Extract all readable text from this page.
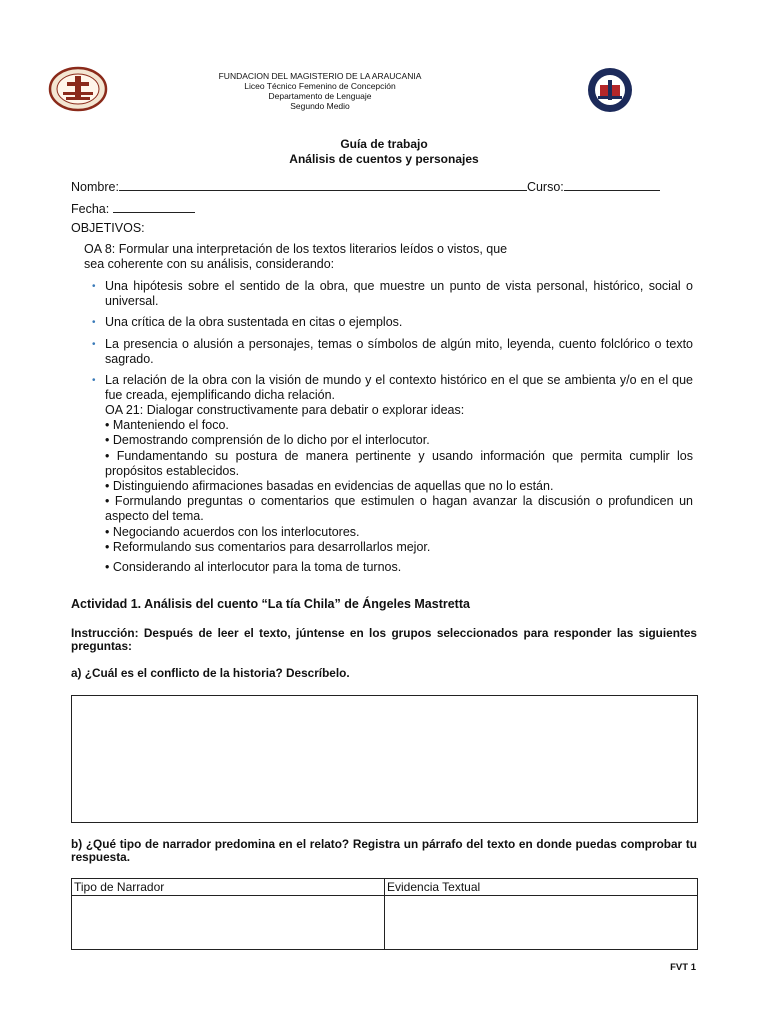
FUNDACION DEL MAGISTERIO DE LA ARAUCANIA
Liceo Técnico Femenino de Concepción
Departamento de Lenguaje
Segundo Medio
Guía de trabajo
Análisis de cuentos y personajes
Nombre:	Curso:
Fecha:
OBJETIVOS:
OA 8: Formular una interpretación de los textos literarios leídos o vistos, que
sea coherente con su análisis, considerando:
• Una hipótesis sobre el sentido de la obra, que muestre un punto de vista personal, histórico, social o universal.
• Una crítica de la obra sustentada en citas o ejemplos.
• La presencia o alusión a personajes, temas o símbolos de algún mito, leyenda, cuento folclórico o texto sagrado.
• La relación de la obra con la visión de mundo y el contexto histórico en el que se ambienta y/o en el que fue creada, ejemplificando dicha relación.
OA 21: Dialogar constructivamente para debatir o explorar ideas:
• Manteniendo el foco.
• Demostrando comprensión de lo dicho por el interlocutor.
• Fundamentando su postura de manera pertinente y usando información que permita cumplir los propósitos establecidos.
• Distinguiendo afirmaciones basadas en evidencias de aquellas que no lo están.
• Formulando preguntas o comentarios que estimulen o hagan avanzar la discusión o profundicen un aspecto del tema.
• Negociando acuerdos con los interlocutores.
• Reformulando sus comentarios para desarrollarlos mejor.
• Considerando al interlocutor para la toma de turnos.
Actividad 1. Análisis del cuento “La tía Chila” de Ángeles Mastretta
Instrucción: Después de leer el texto, júntense en los grupos seleccionados para responder las siguientes preguntas:
a) ¿Cuál es el conflicto de la historia? Descríbelo.
b) ¿Qué tipo de narrador predomina en el relato? Registra un párrafo del texto en donde puedas comprobar tu respuesta.
Tipo de Narrador	Evidencia Textual
FVT 1
